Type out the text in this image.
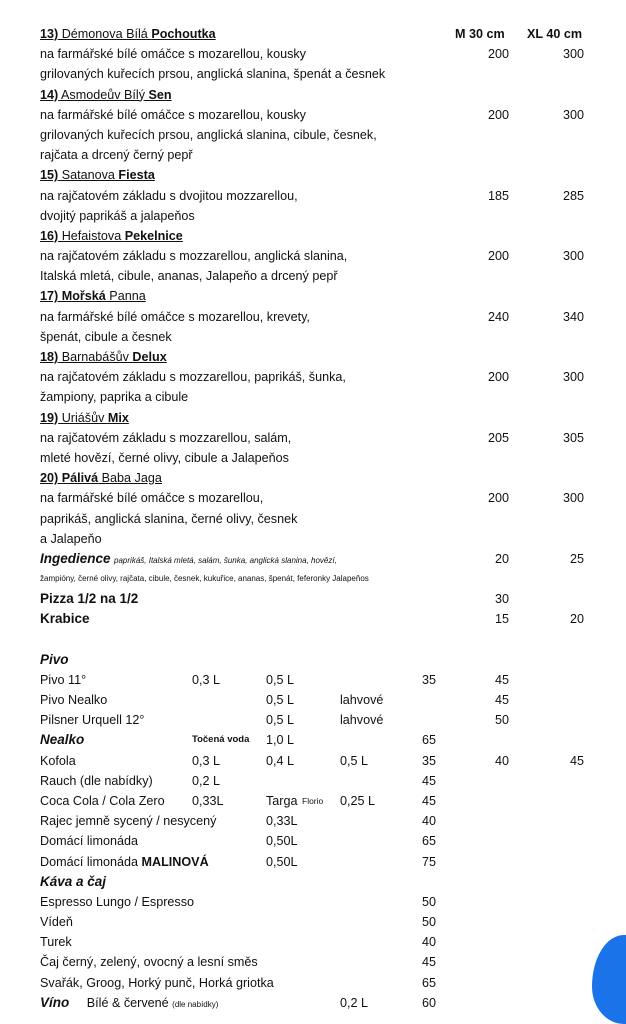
13) Démonova Bílá Pochoutka	M 30 cm XL 40 cm
na farmářské bílé omáčce s mozarellou, kousky	200	300
grilovaných kuřecích prsou, anglická slanina, špenát a česnek
14) Asmodeův Bílý Sen
na farmářské bílé omáčce s mozarellou, kousky	200	300
grilovaných kuřecích prsou, anglická slanina, cibule, česnek,
rajčata a drcený černý pepř
15) Satanova Fiesta
na rajčatovém základu s dvojitou mozzarellou,	185	285
dvojitý paprikáš a jalapeňos
16) Hefaistova Pekelnice
na rajčatovém základu s mozzarellou, anglická slanina,	200	300
Italská mletá, cibule, ananas, Jalapeňo a drcený pepř
17) Mořská Panna
na farmářské bílé omáčce s mozarellou, krevety,	240	340
špenát, cibule a česnek
18) Barnabášův Delux
na rajčatovém základu s mozzarellou, paprikáš, šunka,	200	300
žampiony, paprika a cibule
19) Uriášův Mix
na rajčatovém základu s mozzarellou, salám,	205	305
mleté hovězí, černé olivy, cibule a Jalapeňos
20) Pálivá Baba Jaga
na farmářské bílé omáčce s mozarellou,	200	300
paprikáš, anglická slanina, černé olivy, česnek
a Jalapeňo
Ingedience paprikáš, Italská mletá, salám, šunka, anglická slanina, hovězí,	20	25
žampióny, černé olivy, rajčata, cibule, česnek, kukuřice, ananas, špenát, feferonky Jalapeňos
Pizza 1/2 na 1/2	30
Krabice	15	20
Pivo
Pivo 11°	0,3 L	0,5 L	35	45
Pivo Nealko	0,5 L	lahvové	45
Pilsner Urquell 12°	0,5 L	lahvové	50
Nealko	Točená voda 1,0 L	65
Kofola	0,3 L	0,4 L	0,5 L	35	40	45
Rauch (dle nabídky)	0,2 L	45
Coca Cola / Cola Zero 0,33L	Targa Florio 0,25 L	45
Rajec jemně sycený / nesycený	0,33L	40
Domácí limonáda	0,50L	65
Domácí limonáda MALINOVÁ	0,50L	75
Káva a čaj
Espresso Lungo / Espresso	50
Vídeň	50
Turek	40
Čaj černý, zelený, ovocný a lesní směs	45
Svařák, Groog, Horký punč, Horká griotka	65
Víno Bílé & červené (dle nabídky)	0,2 L	60
